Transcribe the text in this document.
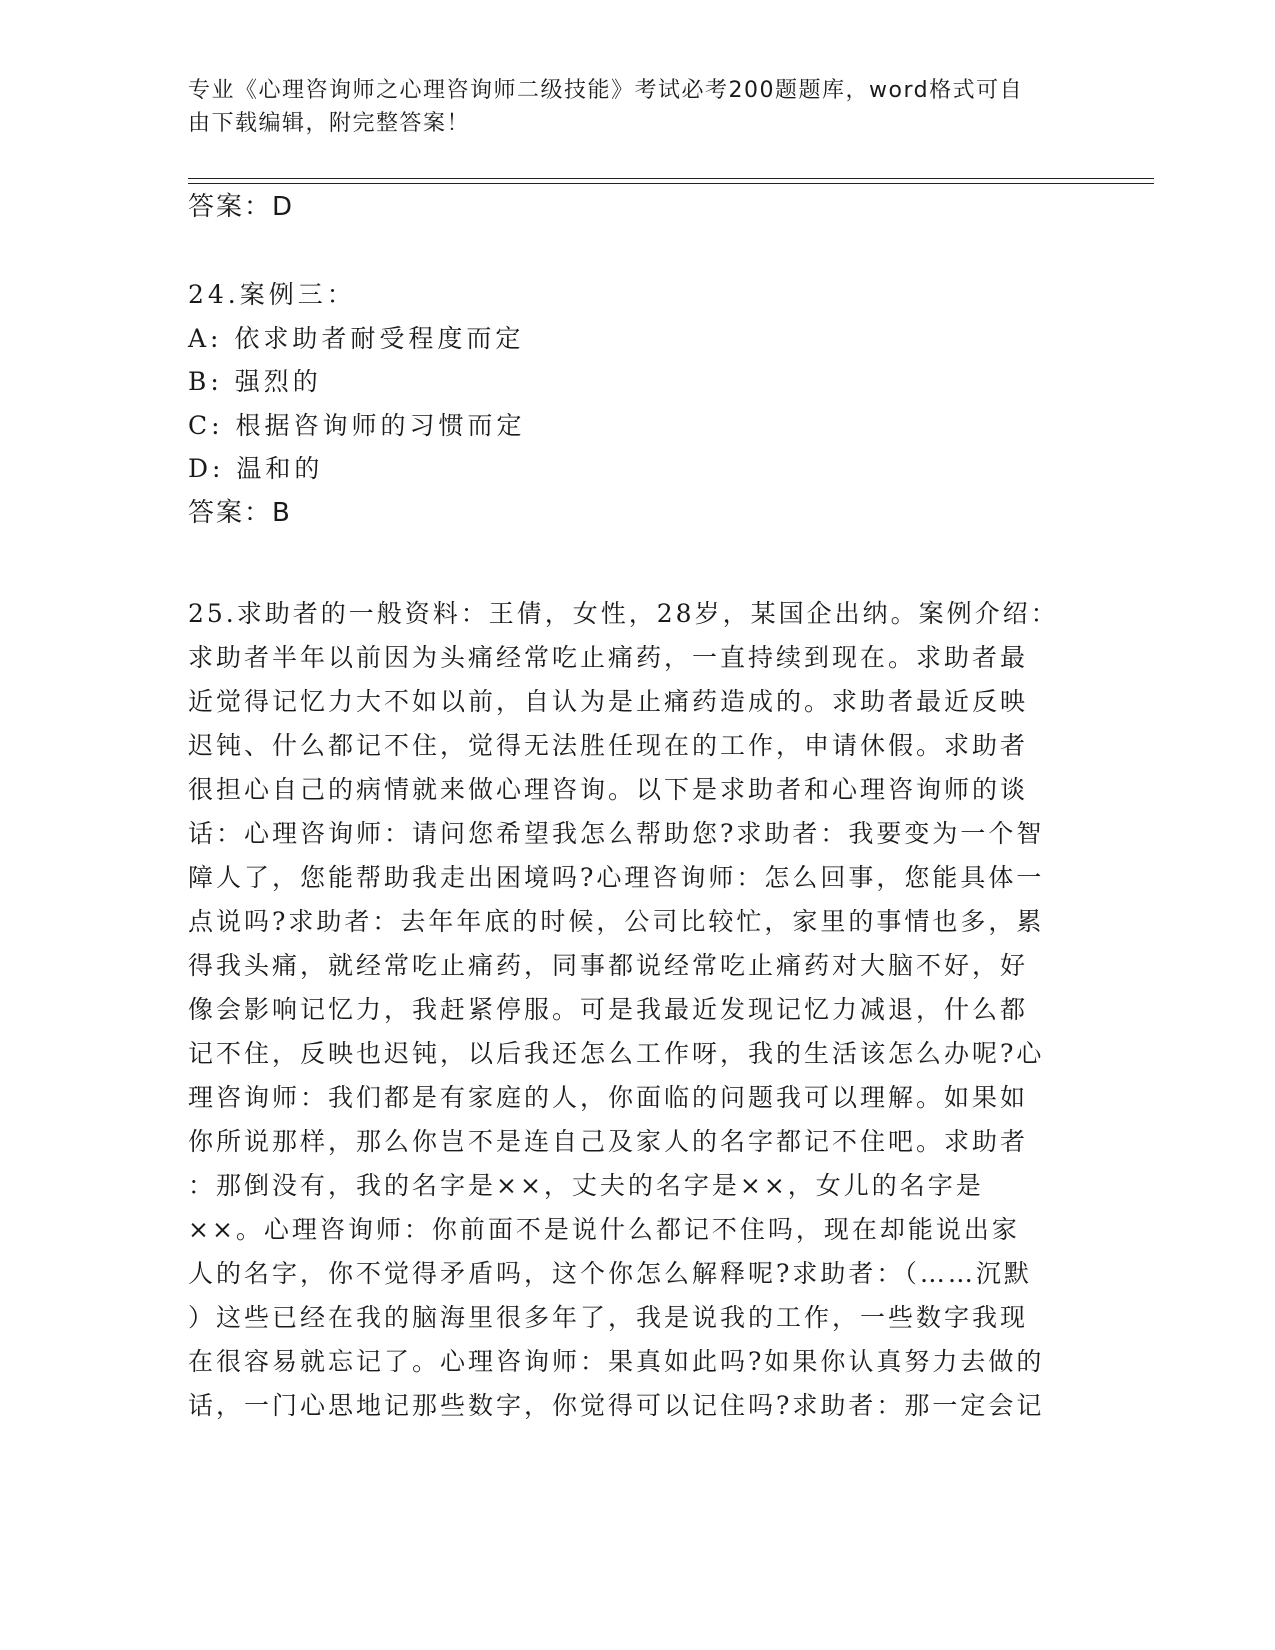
专业《心理咨询师之心理咨询师二级技能》考试必考200题题库，word格式可自
由下载编辑，附完整答案！
答案：D
24.案例三：
A: 依求助者耐受程度而定
B: 强烈的
C: 根据咨询师的习惯而定
D: 温和的
答案：B
25.求助者的一般资料：王倩，女性，28岁，某国企出纳。案例介绍：
求助者半年以前因为头痛经常吃止痛药，一直持续到现在。求助者最
近觉得记忆力大不如以前，自认为是止痛药造成的。求助者最近反映
迟钝、什么都记不住，觉得无法胜任现在的工作，申请休假。求助者
很担心自己的病情就来做心理咨询。以下是求助者和心理咨询师的谈
话：心理咨询师：请问您希望我怎么帮助您?求助者：我要变为一个智
障人了，您能帮助我走出困境吗?心理咨询师：怎么回事，您能具体一
点说吗?求助者：去年年底的时候，公司比较忙，家里的事情也多，累
得我头痛，就经常吃止痛药，同事都说经常吃止痛药对大脑不好，好
像会影响记忆力，我赶紧停服。可是我最近发现记忆力减退，什么都
记不住，反映也迟钝，以后我还怎么工作呀，我的生活该怎么办呢?心
理咨询师：我们都是有家庭的人，你面临的问题我可以理解。如果如
你所说那样，那么你岂不是连自己及家人的名字都记不住吧。求助者
：那倒没有，我的名字是××，丈夫的名字是××，女儿的名字是
××。心理咨询师：你前面不是说什么都记不住吗，现在却能说出家
人的名字，你不觉得矛盾吗，这个你怎么解释呢?求助者：（……沉默
）这些已经在我的脑海里很多年了，我是说我的工作，一些数字我现
在很容易就忘记了。心理咨询师：果真如此吗?如果你认真努力去做的
话，一门心思地记那些数字，你觉得可以记住吗?求助者：那一定会记
